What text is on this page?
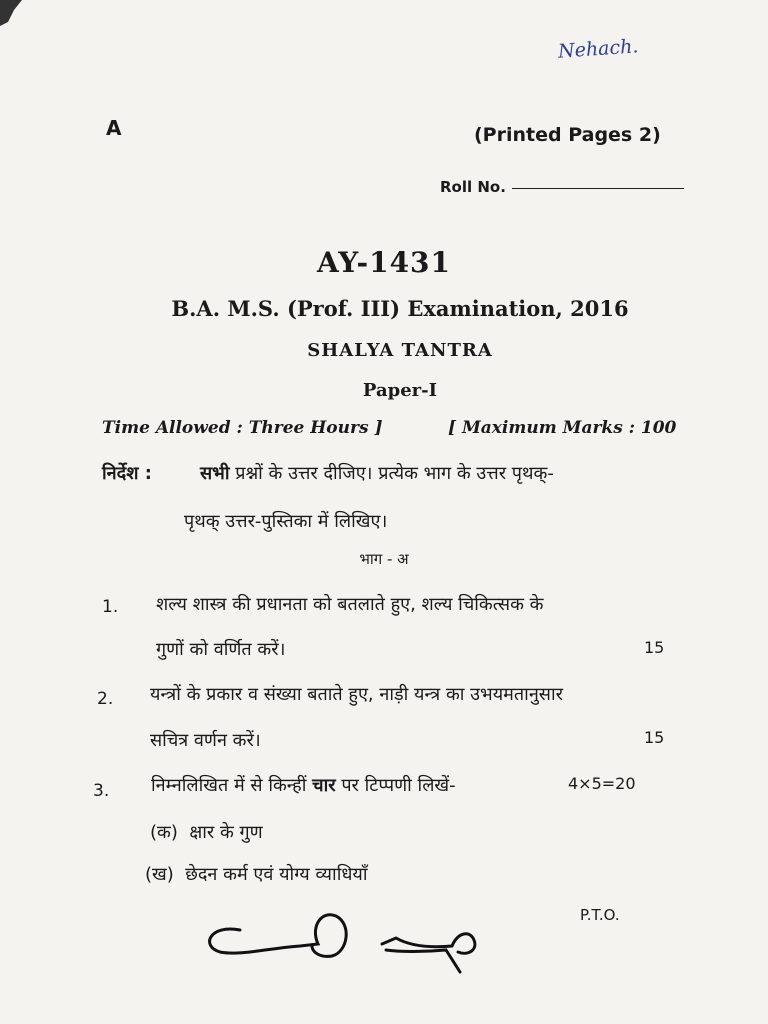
Nehach.
A	(Printed Pages 2)
Roll No.
AY-1431
B.A. M.S. (Prof. III) Examination, 2016
SHALYA TANTRA
Paper-I
Time Allowed : Three Hours ]	[ Maximum Marks : 100
निर्देश :	सभी प्रश्नों के उत्तर दीजिए। प्रत्येक भाग के उत्तर पृथक्-
पृथक् उत्तर-पुस्तिका में लिखिए।
भाग - अ
1. शल्य शास्त्र की प्रधानता को बतलाते हुए, शल्य चिकित्सक के
गुणों को वर्णित करें।	15
2. यन्त्रों के प्रकार व संख्या बताते हुए, नाड़ी यन्त्र का उभयमतानुसार
सचित्र वर्णन करें।	15
3. निम्नलिखित में से किन्हीं चार पर टिप्पणी लिखें-	4×5=20
(क) क्षार के गुण
(ख) छेदन कर्म एवं योग्य व्याधियाँ
P.T.O.
